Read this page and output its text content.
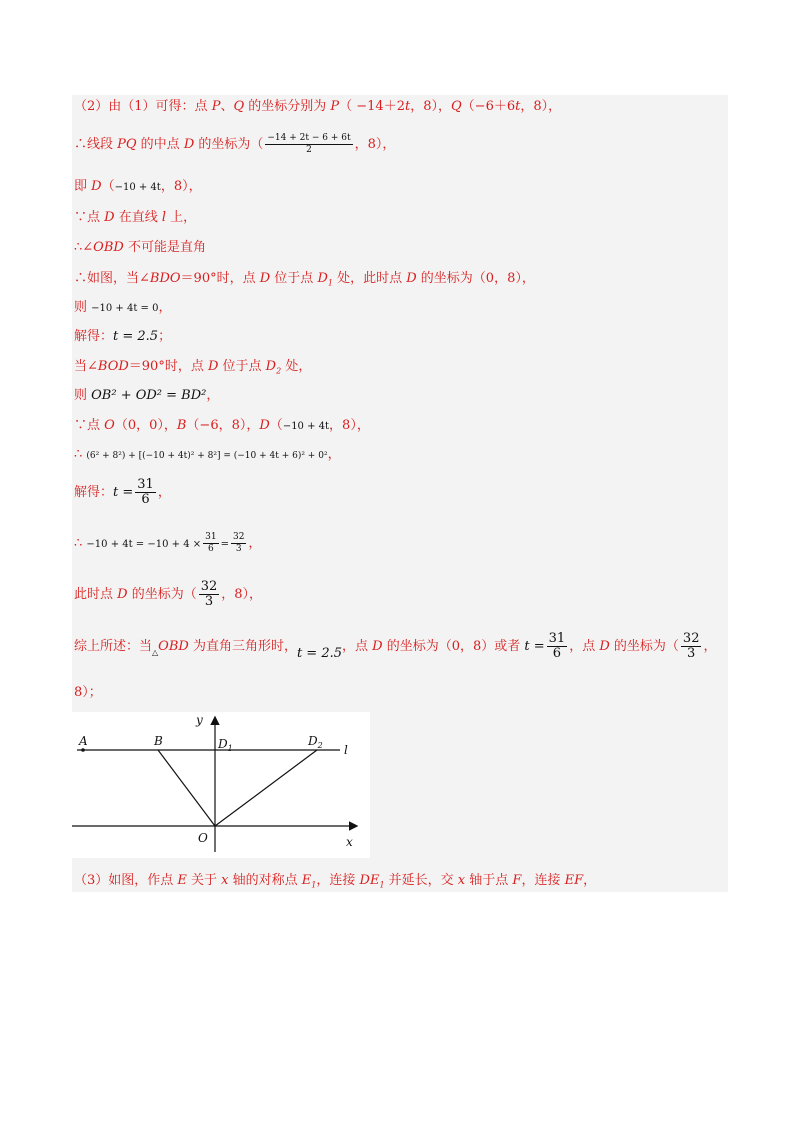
（2）由（1）可得：点 P、Q 的坐标分别为 P（ −14＋2t，8），Q（−6＋6t，8），
∴线段 PQ 的中点 D 的坐标为（ $\frac{-14 + 2t - 6 + 6t}{2}$ ，8），
即 D（−10 + 4t，8），
∵点 D 在直线 l 上，
∴∠OBD 不可能是直角
∴如图，当∠BDO＝90°时，点 D 位于点 $D_1$ 处，此时点 D 的坐标为（0，8），
则 −10 + 4t = 0，
解得：t = 2.5；
当∠BOD＝90°时，点 D 位于点 $D_2$ 处，
则 OB² + OD² = BD²，
∵点 O（0，0），B（−6，8），D（−10 + 4t，8），
∴ (6² + 8²) + [(−10 + 4t)² + 8²] = (−10 + 4t + 6)² + 0²，
解得：$t = \frac{31}{6}$ ，
∴ $-10 + 4t = -10 + 4 \times \frac{31}{6} = \frac{32}{3}$ ，
此时点 D 的坐标为（ $\frac{32}{3}$ ，8），
综上所述：当$_\triangle$OBD 为直角三角形时，t = 2.5，点 D 的坐标为（0，8）或者 $t = \frac{31}{6}$ ，点 D 的坐标为（ $\frac{32}{3}$ ，
8）；
y
A	B	$D_1$
$D_2$ l
O	x
（3）如图，作点 E 关于 x 轴的对称点 $E_1$，连接 $DE_1$ 并延长，交 x 轴于点 F，连接 EF，
